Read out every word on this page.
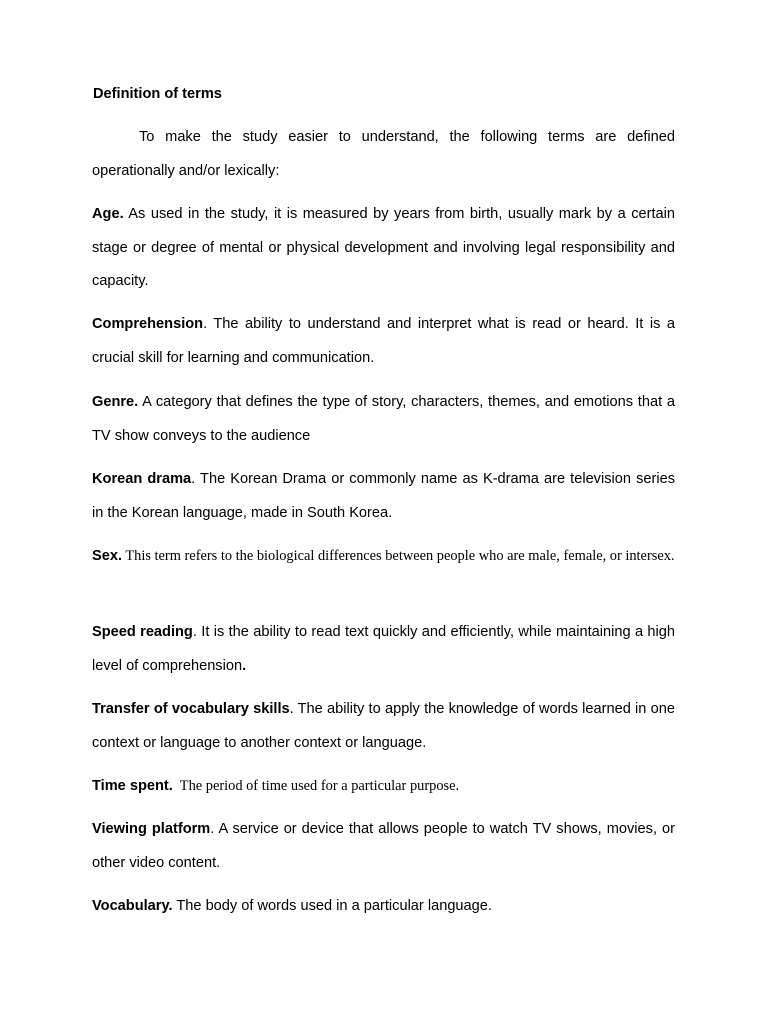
Definition of terms

To make the study easier to understand, the following terms are defined operationally and/or lexically:

Age. As used in the study, it is measured by years from birth, usually mark by a certain stage or degree of mental or physical development and involving legal responsibility and capacity.

Comprehension. The ability to understand and interpret what is read or heard. It is a crucial skill for learning and communication.

Genre. A category that defines the type of story, characters, themes, and emotions that a TV show conveys to the audience

Korean drama. The Korean Drama or commonly name as K-drama are television series in the Korean language, made in South Korea.

Sex. This term refers to the biological differences between people who are male, female, or intersex.

Speed reading. It is the ability to read text quickly and efficiently, while maintaining a high level of comprehension.

Transfer of vocabulary skills. The ability to apply the knowledge of words learned in one context or language to another context or language.

Time spent.  The period of time used for a particular purpose.

Viewing platform. A service or device that allows people to watch TV shows, movies, or other video content.

Vocabulary. The body of words used in a particular language.
